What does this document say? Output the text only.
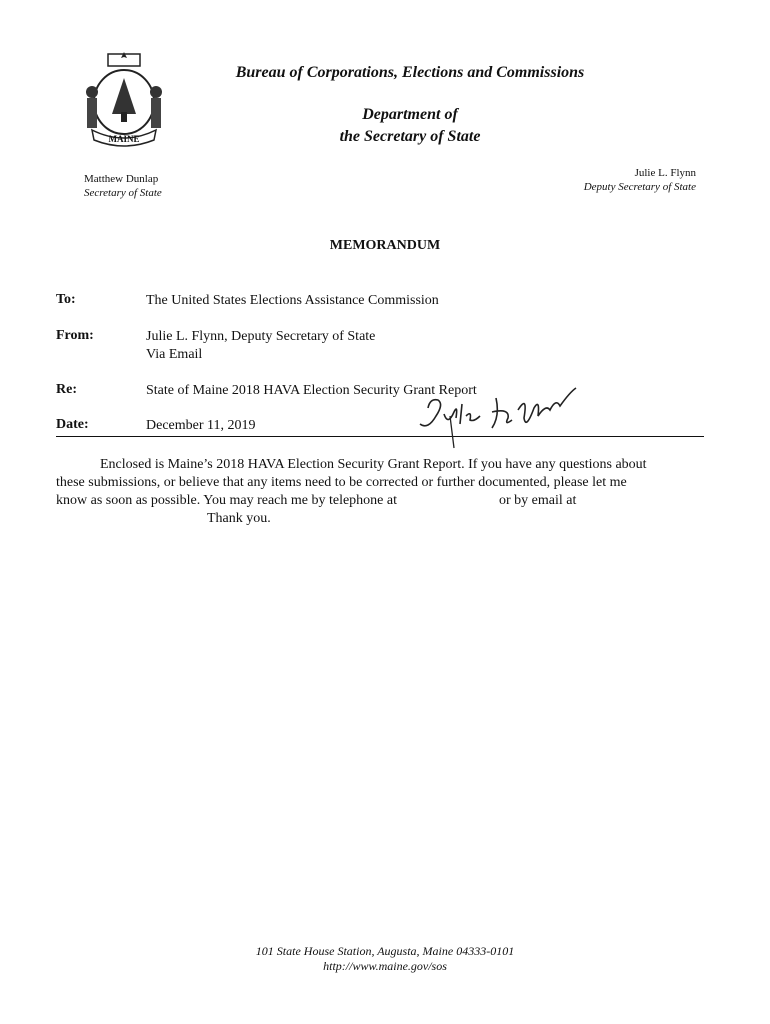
MAINE
Bureau of Corporations, Elections and Commissions
Department of
the Secretary of State
Matthew Dunlap
Secretary of State
Julie L. Flynn
Deputy Secretary of State
MEMORANDUM
To:	The United States Elections Assistance Commission
From:	Julie L. Flynn, Deputy Secretary of State
Via Email
Re:	State of Maine 2018 HAVA Election Security Grant Report
Date:	December 11, 2019
Enclosed is Maine’s 2018 HAVA Election Security Grant Report. If you have any questions about
these submissions, or believe that any items need to be corrected or further documented, please let me
know as soon as possible. You may reach me by telephone at	or by email at
Thank you.
101 State House Station, Augusta, Maine 04333-0101
http://www.maine.gov/sos
